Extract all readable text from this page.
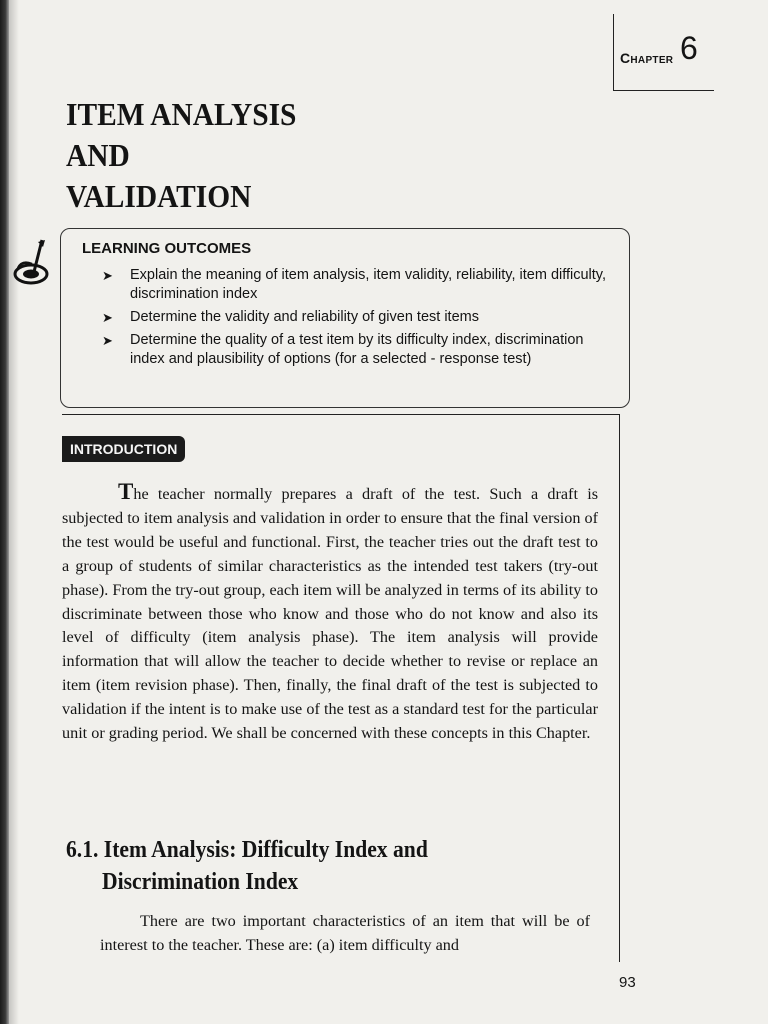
Chapter 6
ITEM ANALYSIS
AND
VALIDATION
LEARNING OUTCOMES
➤ Explain the meaning of item analysis, item validity, reliability, item difficulty, discrimination index
➤ Determine the validity and reliability of given test items
➤ Determine the quality of a test item by its difficulty index, discrimination index and plausibility of options (for a selected - response test)
INTRODUCTION

The teacher normally prepares a draft of the test. Such a draft is subjected to item analysis and validation in order to ensure that the final version of the test would be useful and functional. First, the teacher tries out the draft test to a group of students of similar characteristics as the intended test takers (try-out phase). From the try-out group, each item will be analyzed in terms of its ability to discriminate between those who know and those who do not know and also its level of difficulty (item analysis phase). The item analysis will provide information that will allow the teacher to decide whether to revise or replace an item (item revision phase). Then, finally, the final draft of the test is subjected to validation if the intent is to make use of the test as a standard test for the particular unit or grading period. We shall be concerned with these concepts in this Chapter.

6.1. Item Analysis: Difficulty Index and
Discrimination Index

There are two important characteristics of an item that will be of interest to the teacher. These are: (a) item difficulty and

93
